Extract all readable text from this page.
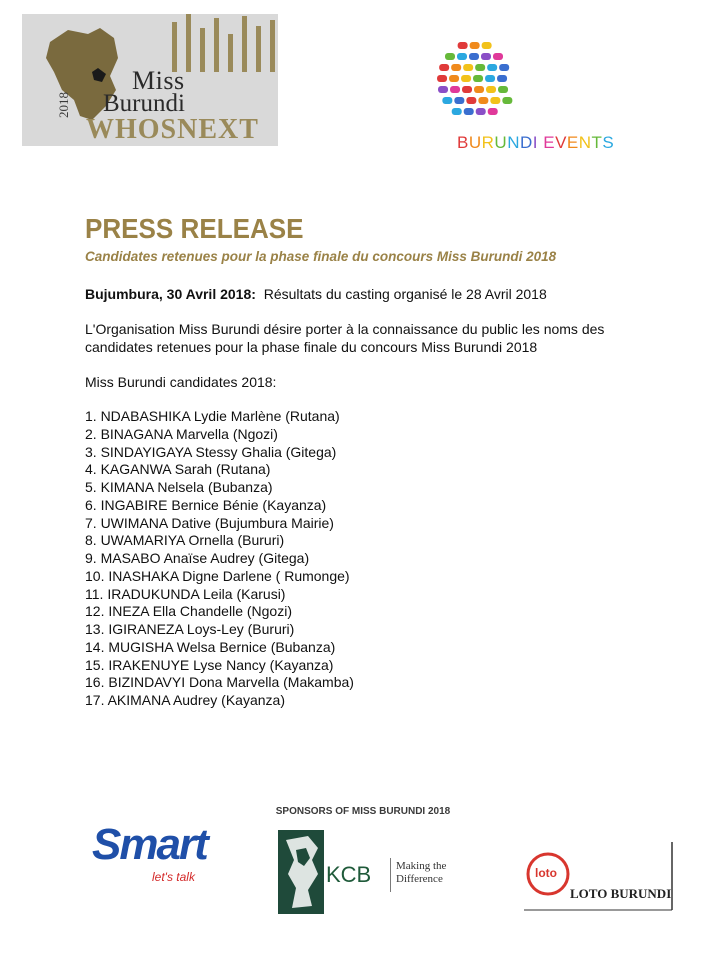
Miss
Burundi
2018
WHOSNEXT	BURUNDI EVENTS
PRESS RELEASE
Candidates retenues pour la phase finale du concours Miss Burundi 2018
Bujumbura, 30 Avril 2018: Résultats du casting organisé le 28 Avril 2018
L'Organisation Miss Burundi désire porter à la connaissance du public les noms des candidates retenues pour la phase finale du concours Miss Burundi 2018
Miss Burundi candidates 2018:
1. NDABASHIKA Lydie Marlène (Rutana)
2. BINAGANA Marvella (Ngozi)
3. SINDAYIGAYA Stessy Ghalia (Gitega)
4. KAGANWA Sarah (Rutana)
5. KIMANA Nelsela (Bubanza)
6. INGABIRE Bernice Bénie (Kayanza)
7. UWIMANA Dative (Bujumbura Mairie)
8. UWAMARIYA Ornella (Bururi)
9. MASABO Anaïse Audrey (Gitega)
10. INASHAKA Digne Darlene ( Rumonge)
11. IRADUKUNDA Leila (Karusi)
12. INEZA Ella Chandelle (Ngozi)
13. IGIRANEZA Loys-Ley (Bururi)
14. MUGISHA Welsa Bernice (Bubanza)
15. IRAKENUYE Lyse Nancy (Kayanza)
16. BIZINDAVYI Dona Marvella (Makamba)
17. AKIMANA Audrey (Kayanza)
SPONSORS OF MISS BURUNDI 2018
Smart
let's talk	KCB Making the
Difference	loto
LOTO BURUNDI
